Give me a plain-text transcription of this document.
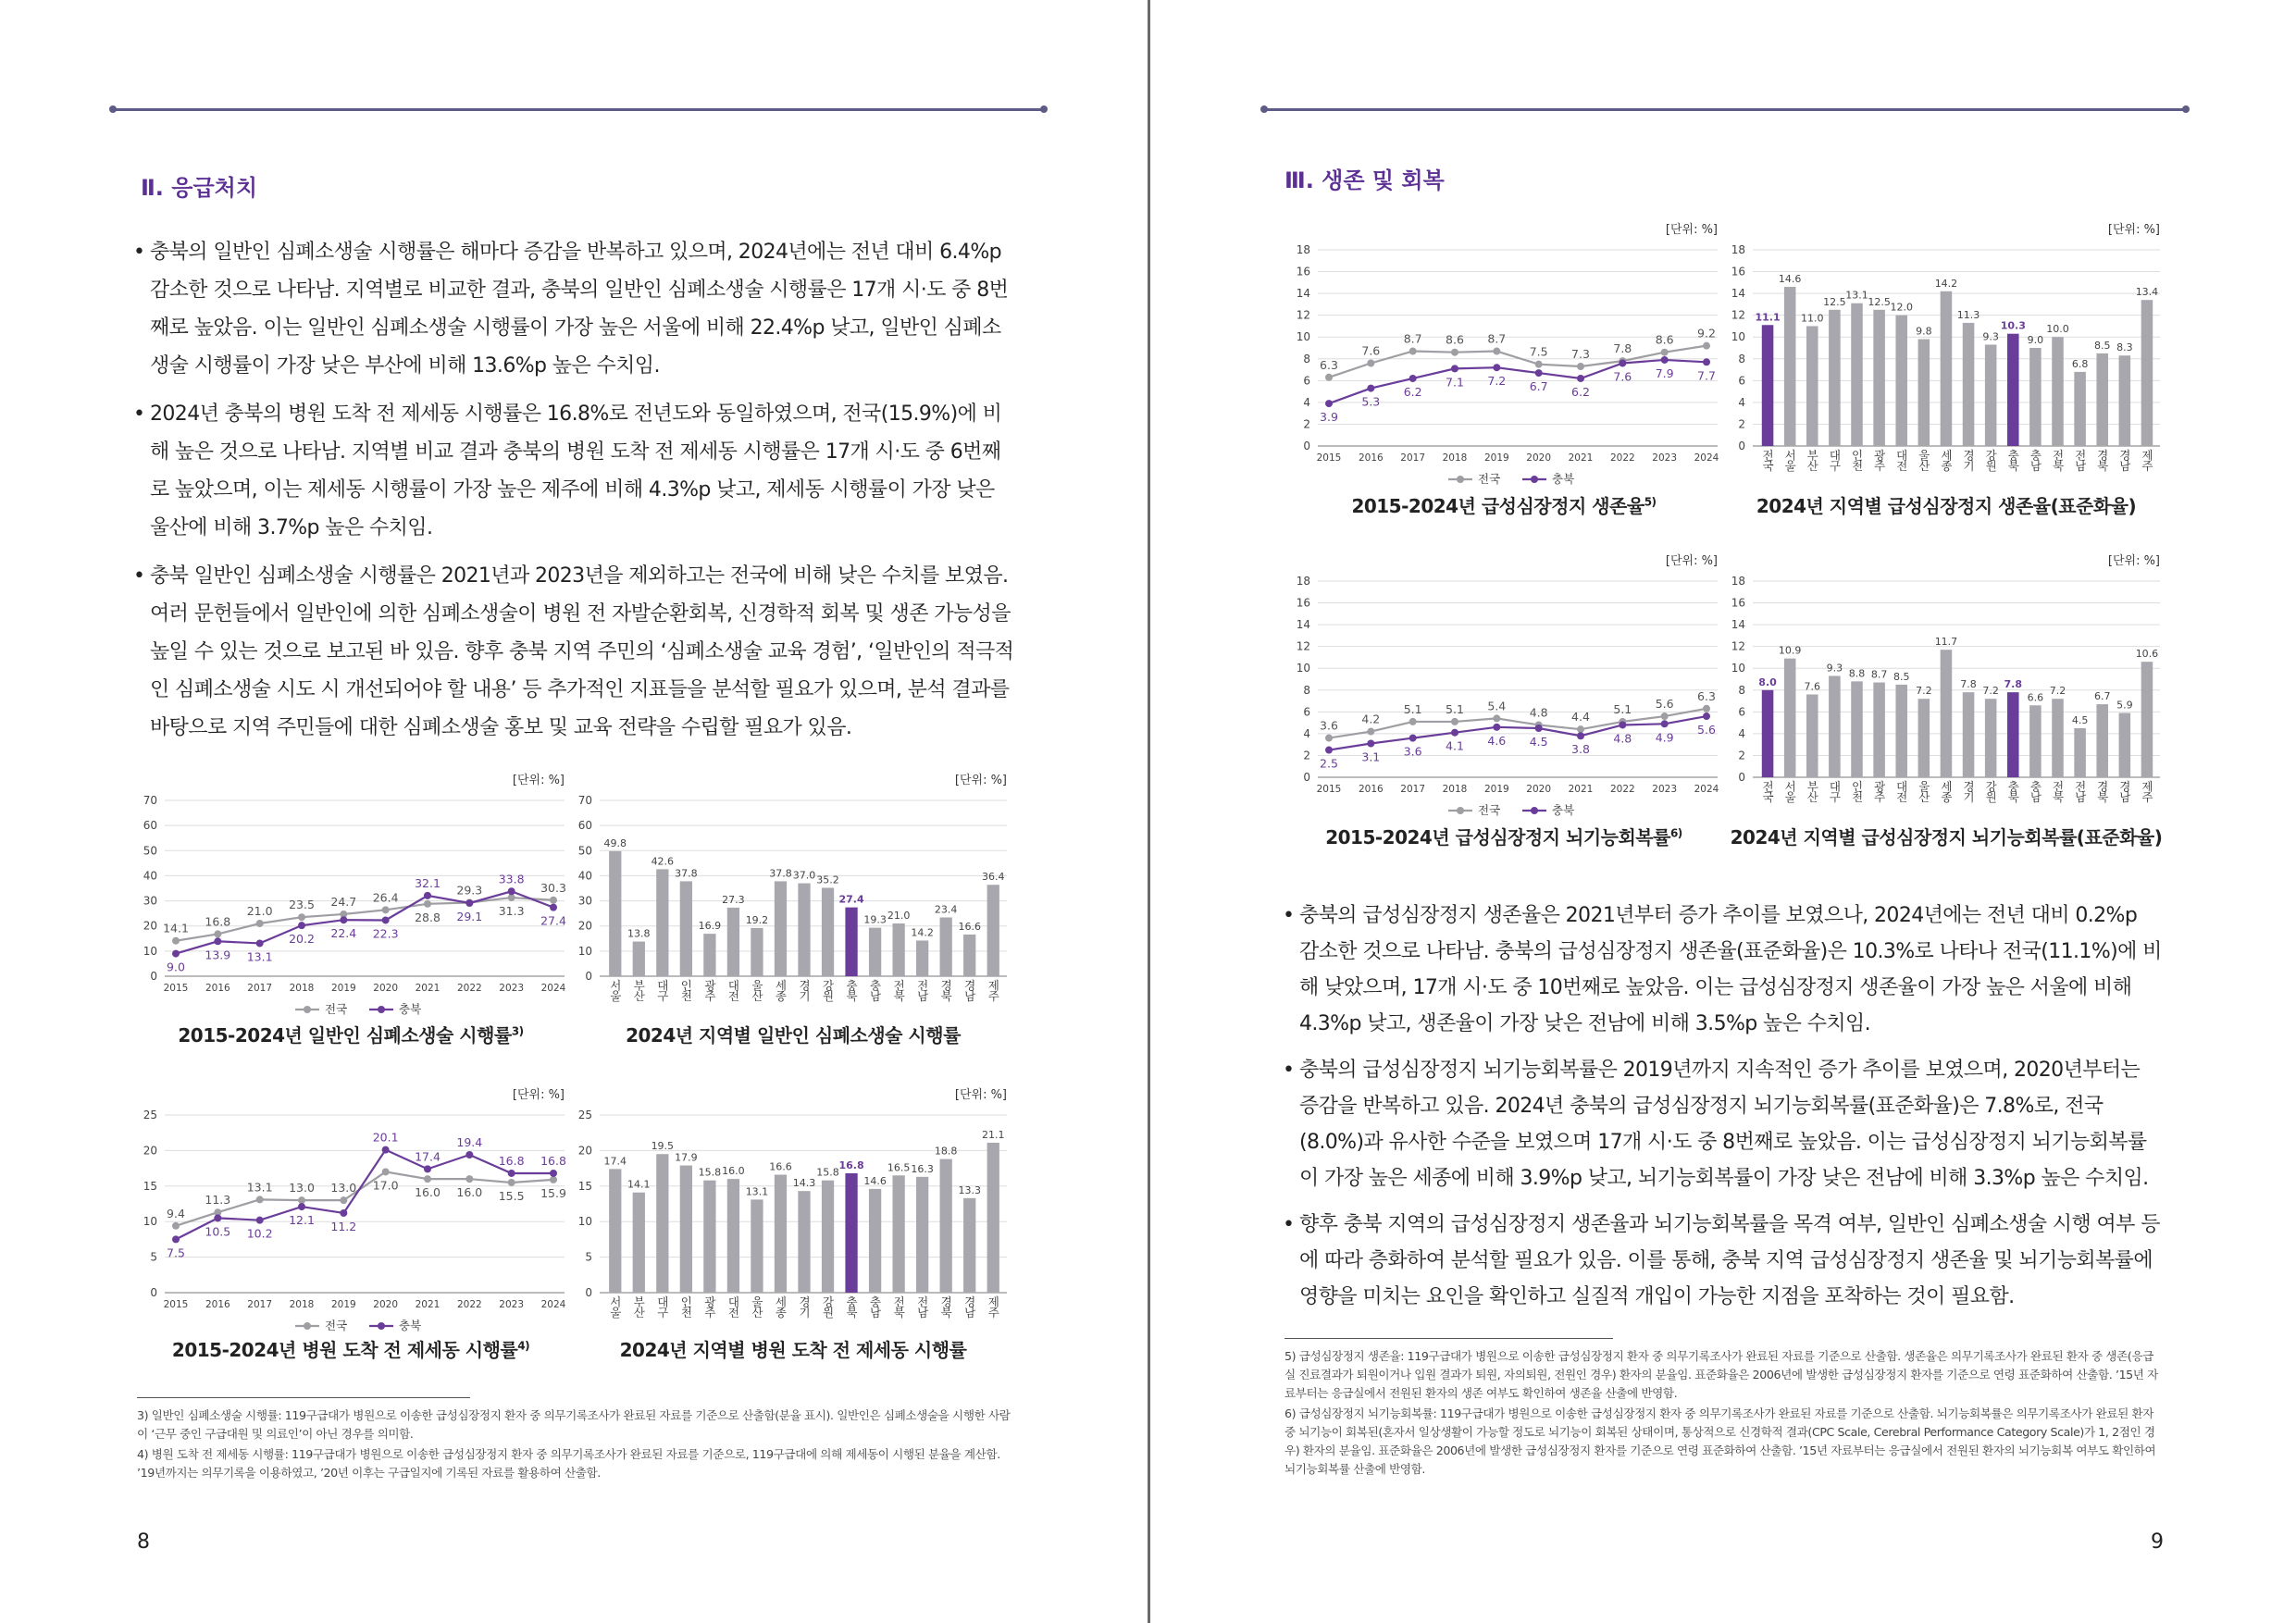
Ⅱ. 응급처치
• 충북의 일반인 심폐소생술 시행률은 해마다 증감을 반복하고 있으며, 2024년에는 전년 대비 6.4%p 감소한 것으로 나타남. 지역별로 비교한 결과, 충북의 일반인 심폐소생술 시행률은 17개 시·도 중 8번째로 높았음. 이는 일반인 심폐소생술 시행률이 가장 높은 서울에 비해 22.4%p 낮고, 일반인 심폐소생술 시행률이 가장 낮은 부산에 비해 13.6%p 높은 수치임.
• 2024년 충북의 병원 도착 전 제세동 시행률은 16.8%로 전년도와 동일하였으며, 전국(15.9%)에 비해 높은 것으로 나타남. 지역별 비교 결과 충북의 병원 도착 전 제세동 시행률은 17개 시·도 중 6번째로 높았으며, 이는 제세동 시행률이 가장 높은 제주에 비해 4.3%p 낮고, 제세동 시행률이 가장 낮은 울산에 비해 3.7%p 높은 수치임.
• 충북 일반인 심폐소생술 시행률은 2021년과 2023년을 제외하고는 전국에 비해 낮은 수치를 보였음. 여러 문헌들에서 일반인에 의한 심폐소생술이 병원 전 자발순환회복, 신경학적 회복 및 생존 가능성을 높일 수 있는 것으로 보고된 바 있음. 향후 충북 지역 주민의 ‘심폐소생술 교육 경험’, ‘일반인의 적극적인 심폐소생술 시도 시 개선되어야 할 내용’ 등 추가적인 지표들을 분석할 필요가 있으며, 분석 결과를 바탕으로 지역 주민들에 대한 심폐소생술 홍보 및 교육 전략을 수립할 필요가 있음.
[단위: %]
0
10
20
30
40
50
60
70
2015 2016 2017 2018 2019 2020 2021 2022 2023 2024
14.1 16.8
21.0 23.5 24.7 26.4
28.8
29.3
31.3
30.3
9.0
13.9 13.1
20.2 22.4 22.3
32.1
29.1
33.8
27.4
전국	충북
[단위: %]
0
10
20
30
40
50
60
70
49.8
서울
13.8
부산
42.6
대구
37.8
인천
16.9
광주
27.3
대전
19.2
울산
37.8
세종
37.0
경기
35.2
강원
27.4
충북
19.3
충남
21.0
전북
14.2
전남
23.4
경북
16.6
경남
36.4
제주
2015-2024년 일반인 심폐소생술 시행률$^{3)}$	2024년 지역별 일반인 심폐소생술 시행률
[단위: %]
0
5
10
15
20
25
2015 2016 2017 2018 2019 2020 2021 2022 2023 2024
9.4
11.3
13.1 13.0 13.0 17.0
16.0 16.0 15.5 15.9
7.5
10.5 10.2
12.1 11.2
20.1
17.4
19.4
16.8 16.8
전국	충북
[단위: %]
0
5
10
15
20
25
17.4
서울
14.1
부산
19.5
대구
17.9
인천
15.8
광주
16.0
대전
13.1
울산
16.6
세종
14.3
경기
15.8
강원
16.8
충북
14.6
충남
16.5
전북
16.3
전남
18.8
경북
13.3
경남
21.1
제주
2015-2024년 병원 도착 전 제세동 시행률$^{4)}$	2024년 지역별 병원 도착 전 제세동 시행률

3) 일반인 심폐소생술 시행률: 119구급대가 병원으로 이송한 급성심장정지 환자 중 의무기록조사가 완료된 자료를 기준으로 산출함(분율 표시). 일반인은 심폐소생술을 시행한 사람이 ‘근무 중인 구급대원 및 의료인’이 아닌 경우를 의미함.

4) 병원 도착 전 제세동 시행률: 119구급대가 병원으로 이송한 급성심장정지 환자 중 의무기록조사가 완료된 자료를 기준으로, 119구급대에 의해 제세동이 시행된 분율을 계산함. ’19년까지는 의무기록을 이용하였고, ’20년 이후는 구급일지에 기록된 자료를 활용하여 산출함.

8
Ⅲ. 생존 및 회복
[단위: %]
0
2
4
6
8
10
12
14
16
18
2015 2016 2017 2018 2019 2020 2021 2022 2023 2024
6.3
7.6
8.7 8.6 8.7
7.5 7.3 7.8
8.6 9.2
3.9
5.3
6.2
7.1 7.2 6.7 6.2
7.6 7.9 7.7
전국	충북
[단위: %]
0
2
4
6
8
10
12
14
16
18
11.1
전국
14.6
서울
11.0
부산
12.5
대구
13.1
인천
12.5
광주
12.0
대전
9.8
울산
14.2
세종
11.3
경기
9.3
강원
10.3
충북
9.0
충남
10.0
전북
6.8
전남
8.5
경북
8.3
경남
13.4
제주
2015-2024년 급성심장정지 생존율$^{5)}$	2024년 지역별 급성심장정지 생존율(표준화율)
[단위: %]
0
2
4
6
8
10
12
14
16
18
2015 2016 2017 2018 2019 2020 2021 2022 2023 2024
3.6 4.2
5.1 5.1 5.4 4.8 4.4
5.1 5.6
6.3
2.5 3.1 3.6 4.1 4.6 4.5
3.8
4.8 4.9
5.6
전국	충북
[단위: %]
0
2
4
6
8
10
12
14
16
18
8.0
전국
10.9
서울
7.6
부산
9.3
대구
8.8
인천
8.7
광주
8.5
대전
7.2
울산
11.7
세종
7.8
경기
7.2
강원
7.8
충북
6.6
충남
7.2
전북
4.5
전남
6.7
경북
5.9
경남
10.6
제주
2015-2024년 급성심장정지 뇌기능회복률$^{6)}$	2024년 지역별 급성심장정지 뇌기능회복률(표준화율)
• 충북의 급성심장정지 생존율은 2021년부터 증가 추이를 보였으나, 2024년에는 전년 대비 0.2%p 감소한 것으로 나타남. 충북의 급성심장정지 생존율(표준화율)은 10.3%로 나타나 전국(11.1%)에 비해 낮았으며, 17개 시·도 중 10번째로 높았음. 이는 급성심장정지 생존율이 가장 높은 서울에 비해 4.3%p 낮고, 생존율이 가장 낮은 전남에 비해 3.5%p 높은 수치임.
• 충북의 급성심장정지 뇌기능회복률은 2019년까지 지속적인 증가 추이를 보였으며, 2020년부터는 증감을 반복하고 있음. 2024년 충북의 급성심장정지 뇌기능회복률(표준화율)은 7.8%로, 전국(8.0%)과 유사한 수준을 보였으며 17개 시·도 중 8번째로 높았음. 이는 급성심장정지 뇌기능회복률이 가장 높은 세종에 비해 3.9%p 낮고, 뇌기능회복률이 가장 낮은 전남에 비해 3.3%p 높은 수치임.
• 향후 충북 지역의 급성심장정지 생존율과 뇌기능회복률을 목격 여부, 일반인 심폐소생술 시행 여부 등에 따라 층화하여 분석할 필요가 있음. 이를 통해, 충북 지역 급성심장정지 생존율 및 뇌기능회복률에 영향을 미치는 요인을 확인하고 실질적 개입이 가능한 지점을 포착하는 것이 필요함.

5) 급성심장정지 생존율: 119구급대가 병원으로 이송한 급성심장정지 환자 중 의무기록조사가 완료된 자료를 기준으로 산출함. 생존율은 의무기록조사가 완료된 환자 중 생존(응급실 진료결과가 퇴원이거나 입원 결과가 퇴원, 자의퇴원, 전원인 경우) 환자의 분율임. 표준화율은 2006년에 발생한 급성심장정지 환자를 기준으로 연령 표준화하여 산출함. ’15년 자료부터는 응급실에서 전원된 환자의 생존 여부도 확인하여 생존율 산출에 반영함.

6) 급성심장정지 뇌기능회복률: 119구급대가 병원으로 이송한 급성심장정지 환자 중 의무기록조사가 완료된 자료를 기준으로 산출함. 뇌기능회복률은 의무기록조사가 완료된 환자 중 뇌기능이 회복된(혼자서 일상생활이 가능할 정도로 뇌기능이 회복된 상태이며, 통상적으로 신경학적 결과(CPC Scale, Cerebral Performance Category Scale)가 1, 2점인 경우) 환자의 분율임. 표준화율은 2006년에 발생한 급성심장정지 환자를 기준으로 연령 표준화하여 산출함. ’15년 자료부터는 응급실에서 전원된 환자의 뇌기능회복 여부도 확인하여 뇌기능회복률 산출에 반영함.

9
